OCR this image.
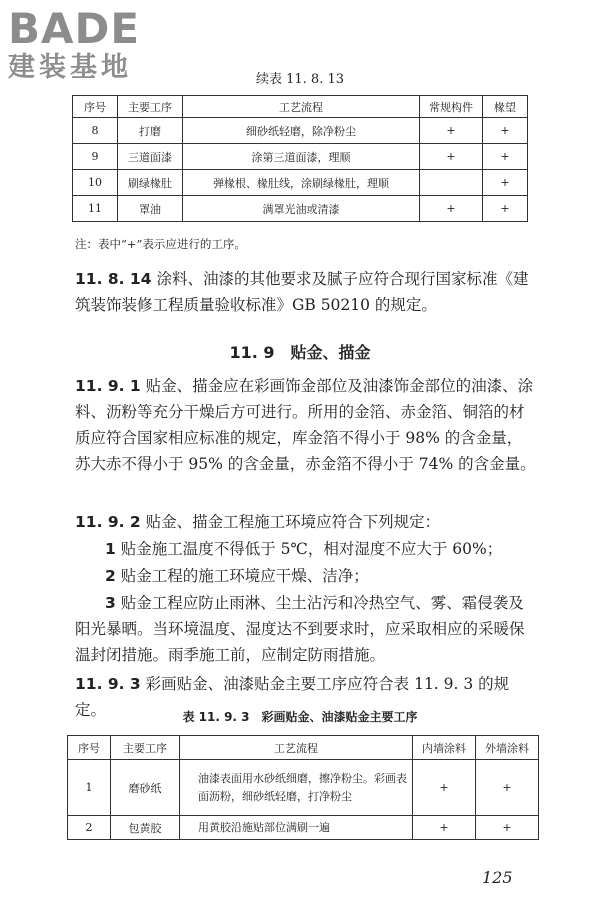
BADE
建装基地	续表 11. 8. 13
序号	主要工序	工艺流程	常规构件	椽望
8	打磨	细砂纸轻磨，除净粉尘	+	+
9	三道面漆	涂第三道面漆，理顺	+	+
10	刷绿椽肚	弹椽根、椽肚线，涂刷绿椽肚，理顺		+
11	罩油	满罩光油或清漆	+	+
注：表中“+”表示应进行的工序。
11. 8. 14 涂料、油漆的其他要求及腻子应符合现行国家标准《建筑装饰装修工程质量验收标准》GB 50210 的规定。
11. 9　贴金、描金
11. 9. 1 贴金、描金应在彩画饰金部位及油漆饰金部位的油漆、涂料、沥粉等充分干燥后方可进行。所用的金箔、赤金箔、铜箔的材质应符合国家相应标准的规定，库金箔不得小于 98% 的含金量，苏大赤不得小于 95% 的含金量，赤金箔不得小于 74% 的含金量。
11. 9. 2 贴金、描金工程施工环境应符合下列规定：
1 贴金施工温度不得低于 5℃，相对湿度不应大于 60%；
2 贴金工程的施工环境应干燥、洁净；
3 贴金工程应防止雨淋、尘土沾污和冷热空气、雾、霜侵袭及阳光暴晒。当环境温度、湿度达不到要求时，应采取相应的采暖保温封闭措施。雨季施工前，应制定防雨措施。
11. 9. 3 彩画贴金、油漆贴金主要工序应符合表 11. 9. 3 的规定。	表 11. 9. 3　彩画贴金、油漆贴金主要工序
序号	主要工序	工艺流程	内墙涂料	外墙涂料
1	磨砂纸	油漆表面用水砂纸细磨，擦净粉尘。彩画表面沥粉，细砂纸轻磨，打净粉尘	+	+
2	包黄胶	用黄胶沿施贴部位满刷一遍	+	+
125
